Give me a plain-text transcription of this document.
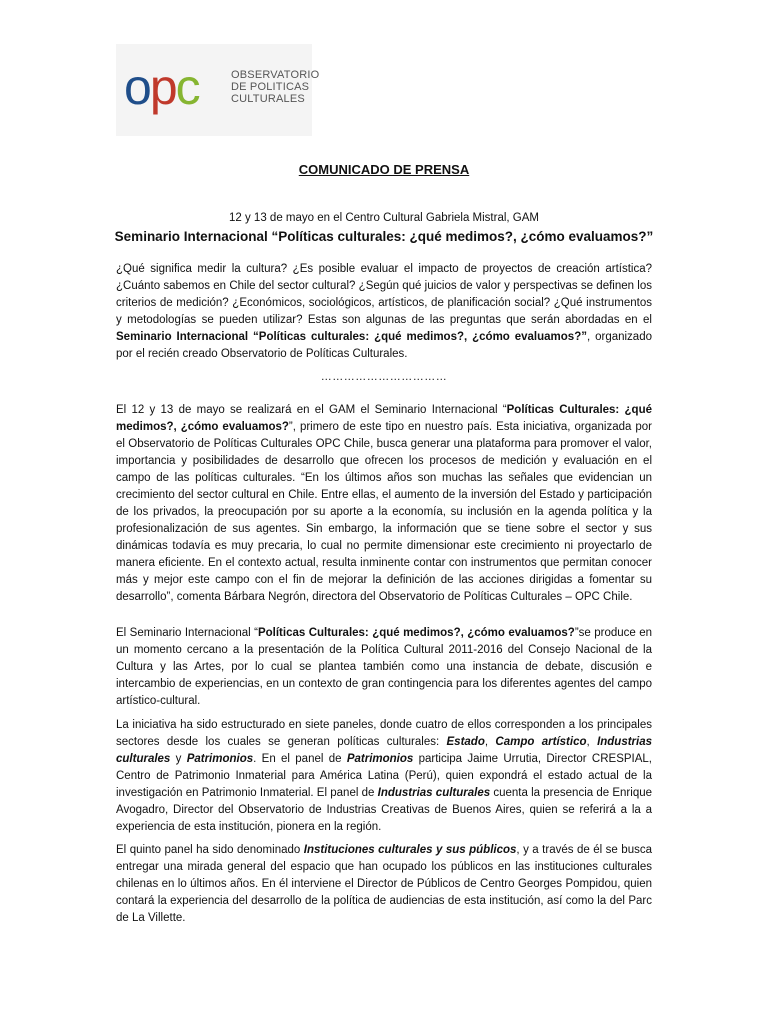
opc	OBSERVATORIO
DE POLITICAS
CULTURALES
COMUNICADO DE PRENSA
12 y 13 de mayo en el Centro Cultural Gabriela Mistral, GAM
Seminario Internacional “Políticas culturales: ¿qué medimos?, ¿cómo evaluamos?”
¿Qué significa medir la cultura? ¿Es posible evaluar el impacto de proyectos de creación artística? ¿Cuánto sabemos en Chile del sector cultural? ¿Según qué juicios de valor y perspectivas se definen los criterios de medición? ¿Económicos, sociológicos, artísticos, de planificación social? ¿Qué instrumentos y metodologías se pueden utilizar? Estas son algunas de las preguntas que serán abordadas en el Seminario Internacional “Políticas culturales: ¿qué medimos?, ¿cómo evaluamos?”, organizado por el recién creado Observatorio de Políticas Culturales.
……………………………
El 12 y 13 de mayo se realizará en el GAM el Seminario Internacional “Políticas Culturales: ¿qué medimos?, ¿cómo evaluamos?”, primero de este tipo en nuestro país. Esta iniciativa, organizada por el Observatorio de Políticas Culturales OPC Chile, busca generar una plataforma para promover el valor, importancia y posibilidades de desarrollo que ofrecen los procesos de medición y evaluación en el campo de las políticas culturales. “En los últimos años son muchas las señales que evidencian un crecimiento del sector cultural en Chile. Entre ellas, el aumento de la inversión del Estado y participación de los privados, la preocupación por su aporte a la economía, su inclusión en la agenda política y la profesionalización de sus agentes. Sin embargo, la información que se tiene sobre el sector y sus dinámicas todavía es muy precaria, lo cual no permite dimensionar este crecimiento ni proyectarlo de manera eficiente. En el contexto actual, resulta inminente contar con instrumentos que permitan conocer más y mejor este campo con el fin de mejorar la definición de las acciones dirigidas a fomentar su desarrollo”, comenta Bárbara Negrón, directora del Observatorio de Políticas Culturales – OPC Chile.
El Seminario Internacional “Políticas Culturales: ¿qué medimos?, ¿cómo evaluamos?”se produce en un momento cercano a la presentación de la Política Cultural 2011-2016 del Consejo Nacional de la Cultura y las Artes, por lo cual se plantea también como una instancia de debate, discusión e intercambio de experiencias, en un contexto de gran contingencia para los diferentes agentes del campo artístico-cultural.
La iniciativa ha sido estructurado en siete paneles, donde cuatro de ellos corresponden a los principales sectores desde los cuales se generan políticas culturales: Estado, Campo artístico, Industrias culturales y Patrimonios. En el panel de Patrimonios participa Jaime Urrutia, Director CRESPIAL, Centro de Patrimonio Inmaterial para América Latina (Perú), quien expondrá el estado actual de la investigación en Patrimonio Inmaterial. El panel de Industrias culturales cuenta la presencia de Enrique Avogadro, Director del Observatorio de Industrias Creativas de Buenos Aires, quien se referirá a la a experiencia de esta institución, pionera en la región.
El quinto panel ha sido denominado Instituciones culturales y sus públicos, y a través de él se busca entregar una mirada general del espacio que han ocupado los públicos en las instituciones culturales chilenas en lo últimos años. En él interviene el Director de Públicos de Centro Georges Pompidou, quien contará la experiencia del desarrollo de la política de audiencias de esta institución, así como la del Parc de La Villette.
